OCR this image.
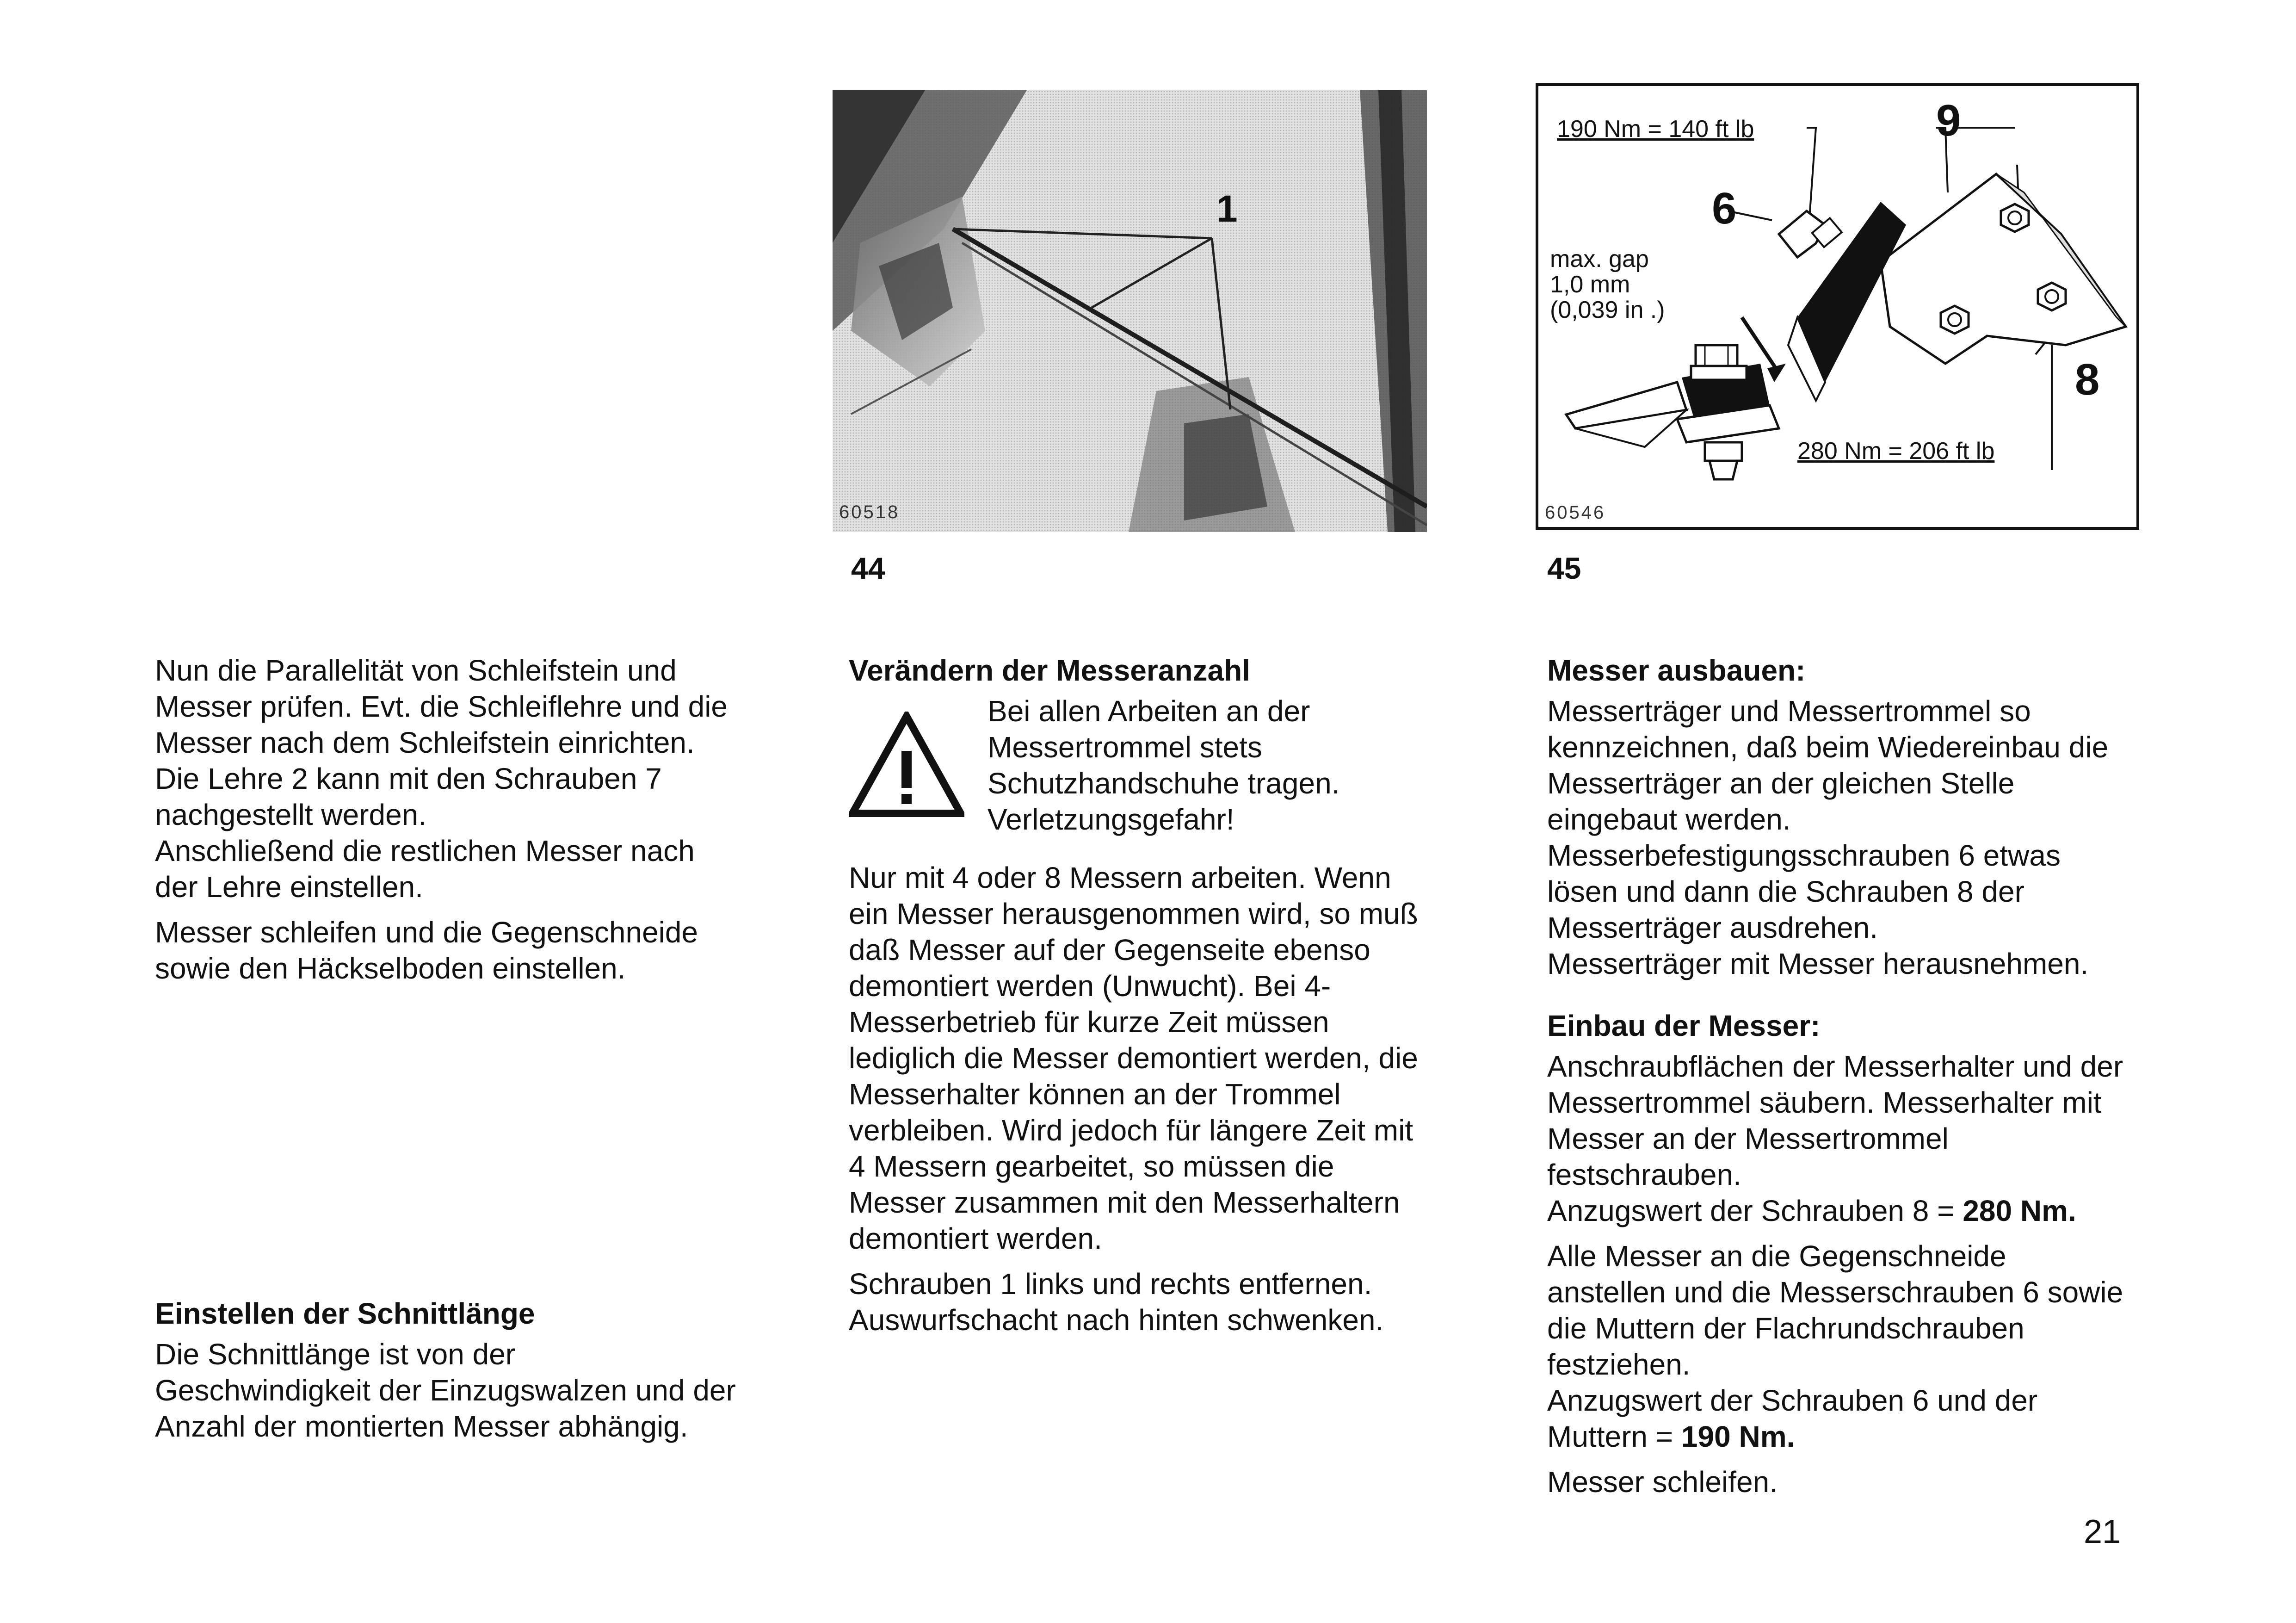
1
60518
44
190 Nm = 140 ft lb	9
6
8
max. gap
1,0 mm
(0,039 in .)
280 Nm = 206 ft lb
60546
45

Nun die Parallelität von Schleifstein und Messer prüfen. Evt. die Schleiflehre und die Messer nach dem Schleifstein einrichten.

Die Lehre 2 kann mit den Schrauben 7 nachgestellt werden.

Anschließend die restlichen Messer nach der Lehre einstellen.

Messer schleifen und die Gegenschneide sowie den Häckselboden einstellen.

Einstellen der Schnittlänge

Die Schnittlänge ist von der Geschwindigkeit der Einzugswalzen und der Anzahl der montierten Messer abhängig.

Verändern der Messeranzahl

Bei allen Arbeiten an der Messertrommel stets Schutzhandschuhe tragen. Verletzungsgefahr!

Nur mit 4 oder 8 Messern arbeiten. Wenn ein Messer herausgenommen wird, so muß daß Messer auf der Gegenseite ebenso demontiert werden (Unwucht). Bei 4-Messerbetrieb für kurze Zeit müssen lediglich die Messer demontiert werden, die Messerhalter können an der Trommel verbleiben. Wird jedoch für längere Zeit mit 4 Messern gearbeitet, so müssen die Messer zusammen mit den Messerhaltern demontiert werden.

Schrauben 1 links und rechts entfernen.

Auswurfschacht nach hinten schwenken.

Messer ausbauen:

Messerträger und Messertrommel so kennzeichnen, daß beim Wiedereinbau die Messerträger an der gleichen Stelle eingebaut werden.

Messerbefestigungsschrauben 6 etwas lösen und dann die Schrauben 8 der Messerträger ausdrehen.

Messerträger mit Messer herausnehmen.

Einbau der Messer:

Anschraubflächen der Messerhalter und der Messertrommel säubern. Messerhalter mit Messer an der Messertrommel festschrauben.

Anzugswert der Schrauben 8 = 280 Nm.

Alle Messer an die Gegenschneide anstellen und die Messerschrauben 6 sowie die Muttern der Flachrundschrauben festziehen.

Anzugswert der Schrauben 6 und der Muttern = 190 Nm.

Messer schleifen.

21
